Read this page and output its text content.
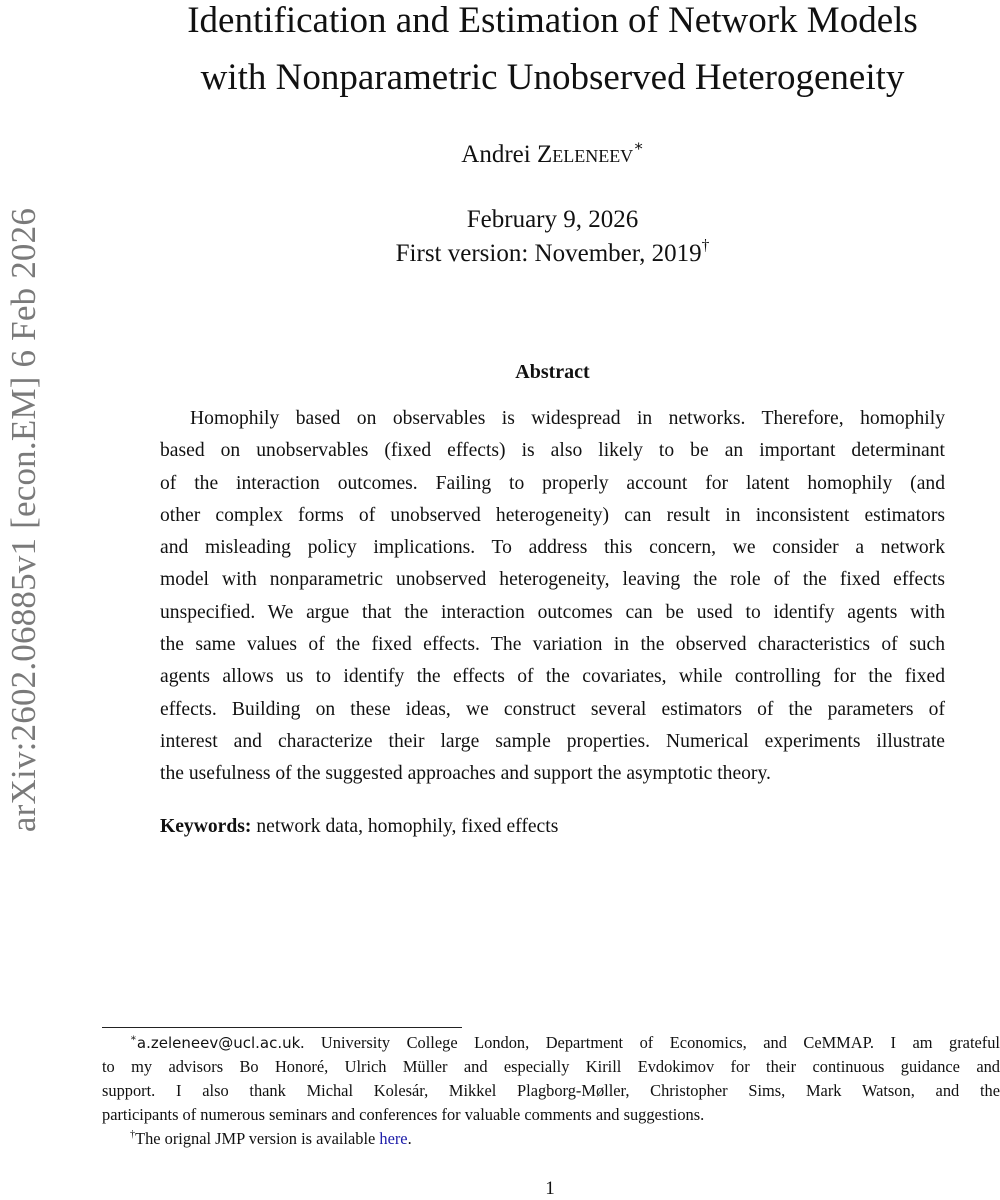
arXiv:2602.06885v1 [econ.EM] 6 Feb 2026
Identification and Estimation of Network Models
with Nonparametric Unobserved Heterogeneity
Andrei Zeleneev∗
February 9, 2026
First version: November, 2019†
Abstract
Homophily based on observables is widespread in networks. Therefore, homophily
based on unobservables (fixed effects) is also likely to be an important determinant
of the interaction outcomes. Failing to properly account for latent homophily (and
other complex forms of unobserved heterogeneity) can result in inconsistent estimators
and misleading policy implications. To address this concern, we consider a network
model with nonparametric unobserved heterogeneity, leaving the role of the fixed effects
unspecified. We argue that the interaction outcomes can be used to identify agents with
the same values of the fixed effects. The variation in the observed characteristics of such
agents allows us to identify the effects of the covariates, while controlling for the fixed
effects. Building on these ideas, we construct several estimators of the parameters of
interest and characterize their large sample properties. Numerical experiments illustrate
the usefulness of the suggested approaches and support the asymptotic theory.
Keywords: network data, homophily, fixed effects
∗a.zeleneev@ucl.ac.uk. University College London, Department of Economics, and CeMMAP. I am grateful
to my advisors Bo Honoré, Ulrich Müller and especially Kirill Evdokimov for their continuous guidance and
support. I also thank Michal Kolesár, Mikkel Plagborg-Møller, Christopher Sims, Mark Watson, and the
participants of numerous seminars and conferences for valuable comments and suggestions.
†The orignal JMP version is available here.
1
